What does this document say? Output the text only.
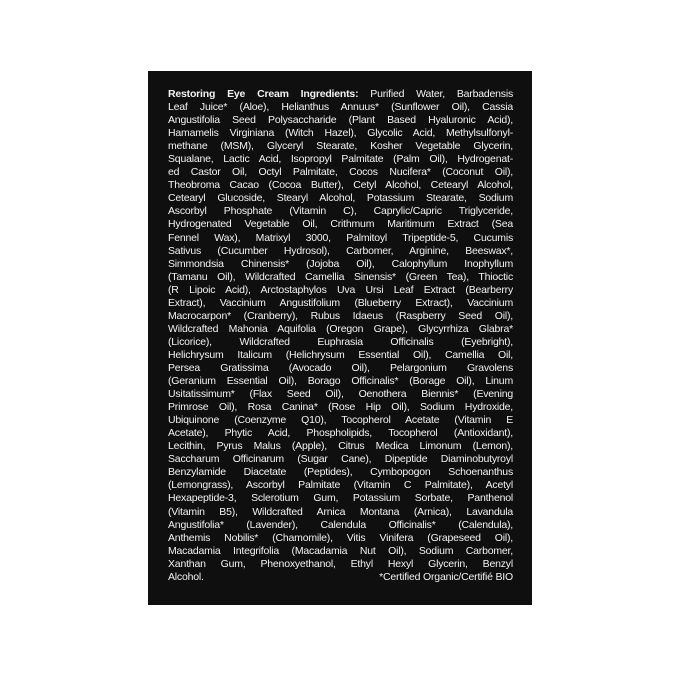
Restoring Eye Cream Ingredients: Purified Water, Barbadensis
Leaf Juice* (Aloe), Helianthus Annuus* (Sunflower Oil), Cassia
Angustifolia Seed Polysaccharide (Plant Based Hyaluronic Acid),
Hamamelis Virginiana (Witch Hazel), Glycolic Acid, Methylsulfonyl-
methane (MSM), Glyceryl Stearate, Kosher Vegetable Glycerin,
Squalane, Lactic Acid, Isopropyl Palmitate (Palm Oil), Hydrogenat-
ed Castor Oil, Octyl Palmitate, Cocos Nucifera* (Coconut Oil),
Theobroma Cacao (Cocoa Butter), Cetyl Alcohol, Cetearyl Alcohol,
Cetearyl Glucoside, Stearyl Alcohol, Potassium Stearate, Sodium
Ascorbyl Phosphate (Vitamin C), Caprylic/Capric Triglyceride,
Hydrogenated Vegetable Oil, Crithmum Maritimum Extract (Sea
Fennel Wax), Matrixyl 3000, Palmitoyl Tripeptide-5, Cucumis
Sativus (Cucumber Hydrosol), Carbomer, Arginine, Beeswax*,
Simmondsia Chinensis* (Jojoba Oil), Calophyllum Inophyllum
(Tamanu Oil), Wildcrafted Camellia Sinensis* (Green Tea), Thioctic
(R Lipoic Acid), Arctostaphylos Uva Ursi Leaf Extract (Bearberry
Extract), Vaccinium Angustifolium (Blueberry Extract), Vaccinium
Macrocarpon* (Cranberry), Rubus Idaeus (Raspberry Seed Oil),
Wildcrafted Mahonia Aquifolia (Oregon Grape), Glycyrrhiza Glabra*
(Licorice), Wildcrafted Euphrasia Officinalis (Eyebright),
Helichrysum Italicum (Helichrysum Essential Oil), Camellia Oil,
Persea Gratissima (Avocado Oil), Pelargonium Gravolens
(Geranium Essential Oil), Borago Officinalis* (Borage Oil), Linum
Usitatissimum* (Flax Seed Oil), Oenothera Biennis* (Evening
Primrose Oil), Rosa Canina* (Rose Hip Oil), Sodium Hydroxide,
Ubiquinone (Coenzyme Q10), Tocopherol Acetate (Vitamin E
Acetate), Phytic Acid, Phospholipids, Tocopherol (Antioxidant),
Lecithin, Pyrus Malus (Apple), Citrus Medica Limonum (Lemon),
Saccharum Officinarum (Sugar Cane), Dipeptide Diaminobutyroyl
Benzylamide Diacetate (Peptides), Cymbopogon Schoenanthus
(Lemongrass), Ascorbyl Palmitate (Vitamin C Palmitate), Acetyl
Hexapeptide-3, Sclerotium Gum, Potassium Sorbate, Panthenol
(Vitamin B5), Wildcrafted Arnica Montana (Arnica), Lavandula
Angustifolia* (Lavender), Calendula Officinalis* (Calendula),
Anthemis Nobilis* (Chamomile), Vitis Vinifera (Grapeseed Oil),
Macadamia Integrifolia (Macadamia Nut Oil), Sodium Carbomer,
Xanthan Gum, Phenoxyethanol, Ethyl Hexyl Glycerin, Benzyl
Alcohol.	*Certified Organic/Certifié BIO
